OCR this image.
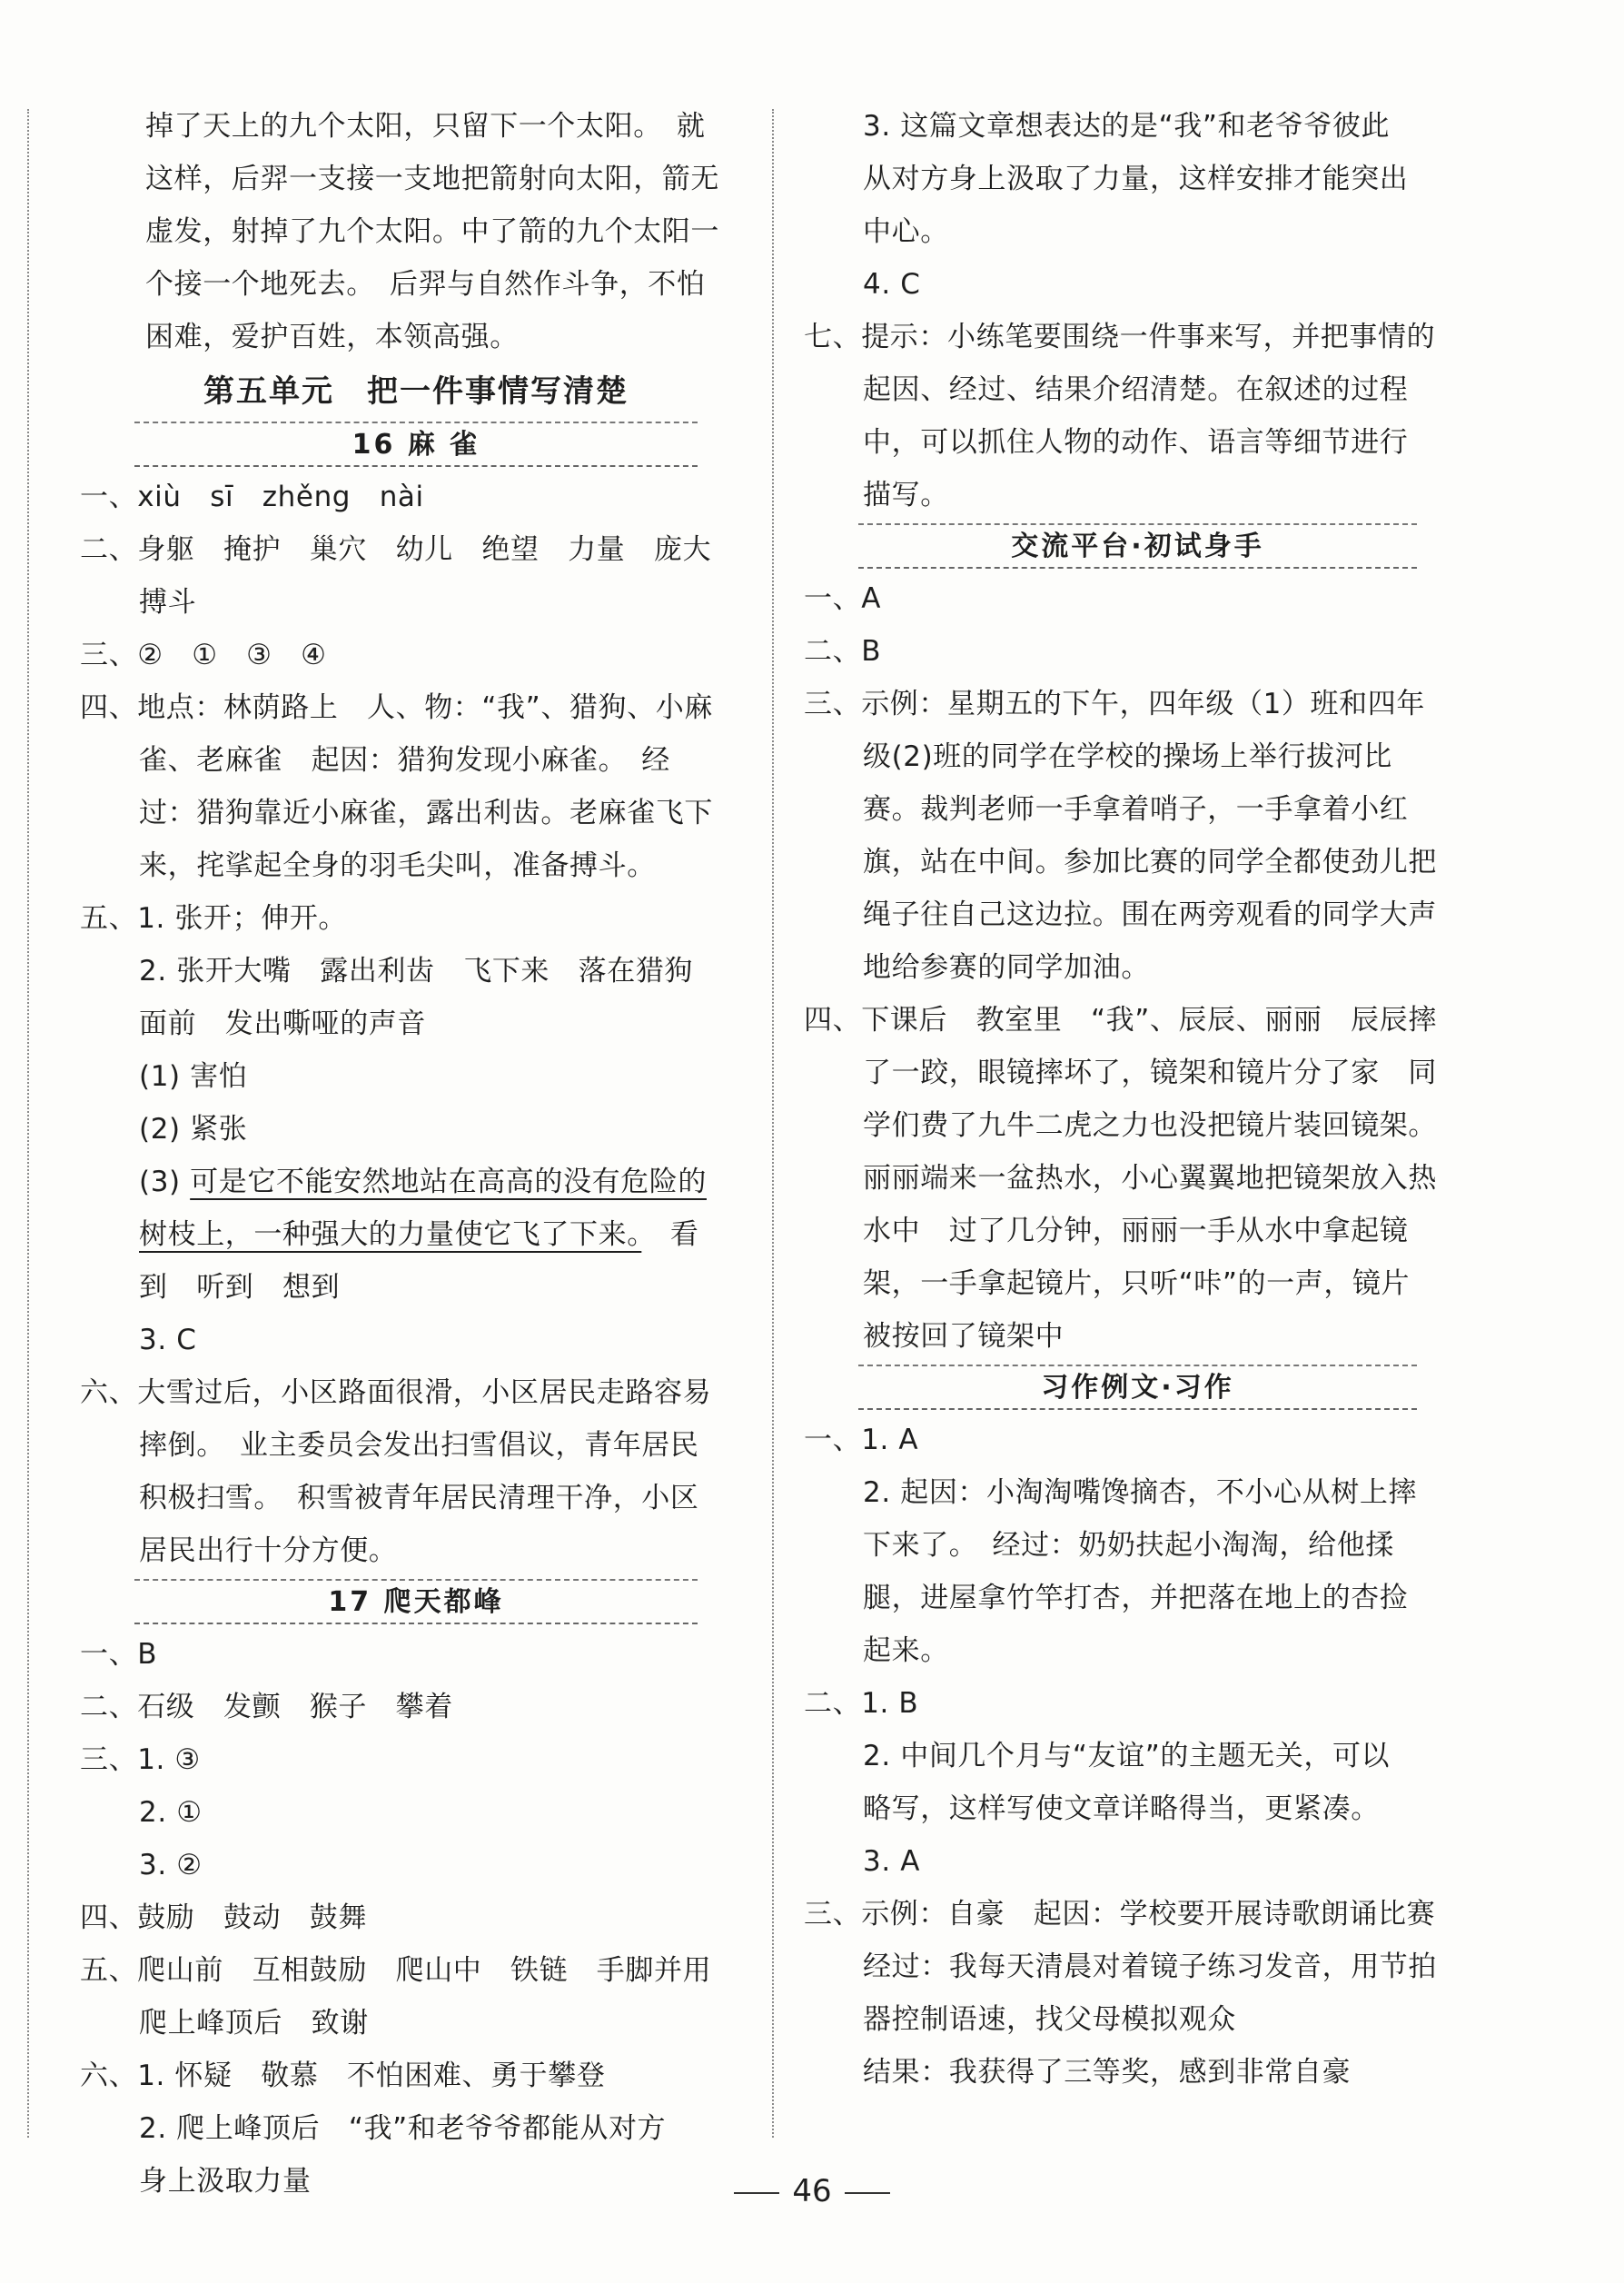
掉了天上的九个太阳，只留下一个太阳。　就
这样，后羿一支接一支地把箭射向太阳，箭无
虚发，射掉了九个太阳。中了箭的九个太阳一
个接一个地死去。　后羿与自然作斗争，不怕
困难，爱护百姓，本领高强。
第五单元　把一件事情写清楚
16 麻 雀
一、xiù　sī　zhěng　nài
二、身躯　掩护　巢穴　幼儿　绝望　力量　庞大
搏斗
三、②　①　③　④
四、地点：林荫路上　人、物：“我”、猎狗、小麻
雀、老麻雀　起因：猎狗发现小麻雀。　经
过：猎狗靠近小麻雀，露出利齿。老麻雀飞下
来，挓挲起全身的羽毛尖叫，准备搏斗。
五、1. 张开；伸开。
2. 张开大嘴　露出利齿　飞下来　落在猎狗
面前　发出嘶哑的声音
(1) 害怕
(2) 紧张
(3) 可是它不能安然地站在高高的没有危险的
树枝上，一种强大的力量使它飞了下来。　看
到　听到　想到
3. C
六、大雪过后，小区路面很滑，小区居民走路容易
摔倒。　业主委员会发出扫雪倡议，青年居民
积极扫雪。　积雪被青年居民清理干净，小区
居民出行十分方便。
17 爬天都峰
一、B
二、石级　发颤　猴子　攀着
三、1. ③
2. ①
3. ②
四、鼓励　鼓动　鼓舞
五、爬山前　互相鼓励　爬山中　铁链　手脚并用
爬上峰顶后　致谢
六、1. 怀疑　敬慕　不怕困难、勇于攀登
2. 爬上峰顶后　“我”和老爷爷都能从对方
身上汲取力量
3. 这篇文章想表达的是“我”和老爷爷彼此
从对方身上汲取了力量，这样安排才能突出
中心。
4. C
七、提示：小练笔要围绕一件事来写，并把事情的
起因、经过、结果介绍清楚。在叙述的过程
中，可以抓住人物的动作、语言等细节进行
描写。
交流平台·初试身手
一、A
二、B
三、示例：星期五的下午，四年级（1）班和四年
级(2)班的同学在学校的操场上举行拔河比
赛。裁判老师一手拿着哨子，一手拿着小红
旗，站在中间。参加比赛的同学全都使劲儿把
绳子往自己这边拉。围在两旁观看的同学大声
地给参赛的同学加油。
四、下课后　教室里　“我”、辰辰、丽丽　辰辰摔
了一跤，眼镜摔坏了，镜架和镜片分了家　同
学们费了九牛二虎之力也没把镜片装回镜架。
丽丽端来一盆热水，小心翼翼地把镜架放入热
水中　过了几分钟，丽丽一手从水中拿起镜
架，一手拿起镜片，只听“咔”的一声，镜片
被按回了镜架中
习作例文·习作
一、1. A
2. 起因：小淘淘嘴馋摘杏，不小心从树上摔
下来了。　经过：奶奶扶起小淘淘，给他揉
腿，进屋拿竹竿打杏，并把落在地上的杏捡
起来。
二、1. B
2. 中间几个月与“友谊”的主题无关，可以
略写，这样写使文章详略得当，更紧凑。
3. A
三、示例：自豪　起因：学校要开展诗歌朗诵比赛
经过：我每天清晨对着镜子练习发音，用节拍
器控制语速，找父母模拟观众
结果：我获得了三等奖，感到非常自豪
46
